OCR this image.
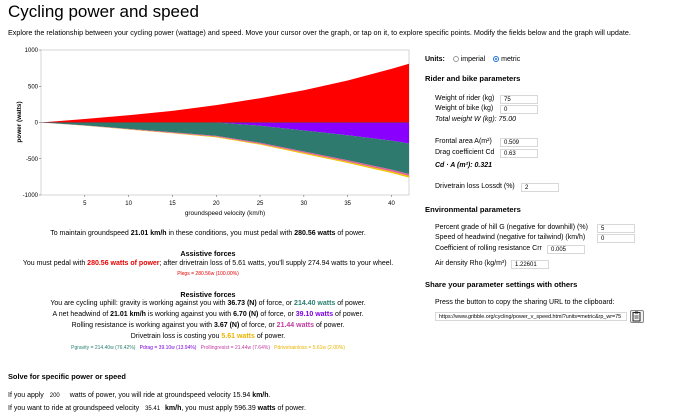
Cycling power and speed
Explore the relationship between your cycling power (wattage) and speed. Move your cursor over the graph, or tap on it, to explore specific points. Modify the fields below and the graph will update.
1000
500
0
-500
-1000
5	10	15	20	25	30	35	40
power (watts)
groundspeed velocity (km/h)
To maintain groundspeed 21.01 km/h in these conditions, you must pedal with 280.56 watts of power.
Assistive forces
You must pedal with 280.56 watts of power; after drivetrain loss of 5.61 watts, you'll supply 274.94 watts to your wheel.
Plegs = 280.56w (100.00%)
Resistive forces
You are cycling uphill: gravity is working against you with 36.73 (N) of force, or 214.40 watts of power.
A net headwind of 21.01 km/h is working against you with 6.70 (N) of force, or 39.10 watts of power.
Rolling resistance is working against you with 3.67 (N) of force, or 21.44 watts of power.
Drivetrain loss is costing you 5.61 watts of power.
Pgravity = 214.40w (76.42%) Pdrag = 39.10w (13.94%) Prollingresist = 21.44w (7.64%) Pdrivetrainloss = 5.61w (2.00%)
Solve for specific power or speed
If you apply 200 watts of power, you will ride at groundspeed velocity 15.94 km/h.
If you want to ride at groundspeed velocity 35.41 km/h, you must apply 596.39 watts of power.
Units: imperial metric
Rider and bike parameters
Weight of rider (kg)	75
Weight of bike (kg)	0
Total weight W (kg): 75.00
Frontal area A(m²)	0.509
Drag coefficient Cd	0.63
Cd · A (m²): 0.321
Drivetrain loss Lossdt (%)	2
Environmental parameters
Percent grade of hill G (negative for downhill) (%)	5
Speed of headwind (negative for tailwind) (km/h)	0
Coefficient of rolling resistance Crr	0.005
Air density Rho (kg/m³)	1.22601
Share your parameter settings with others
Press the button to copy the sharing URL to the clipboard:
https://www.gribble.org/cycling/power_v_speed.html?units=metric&rp_wr=75
